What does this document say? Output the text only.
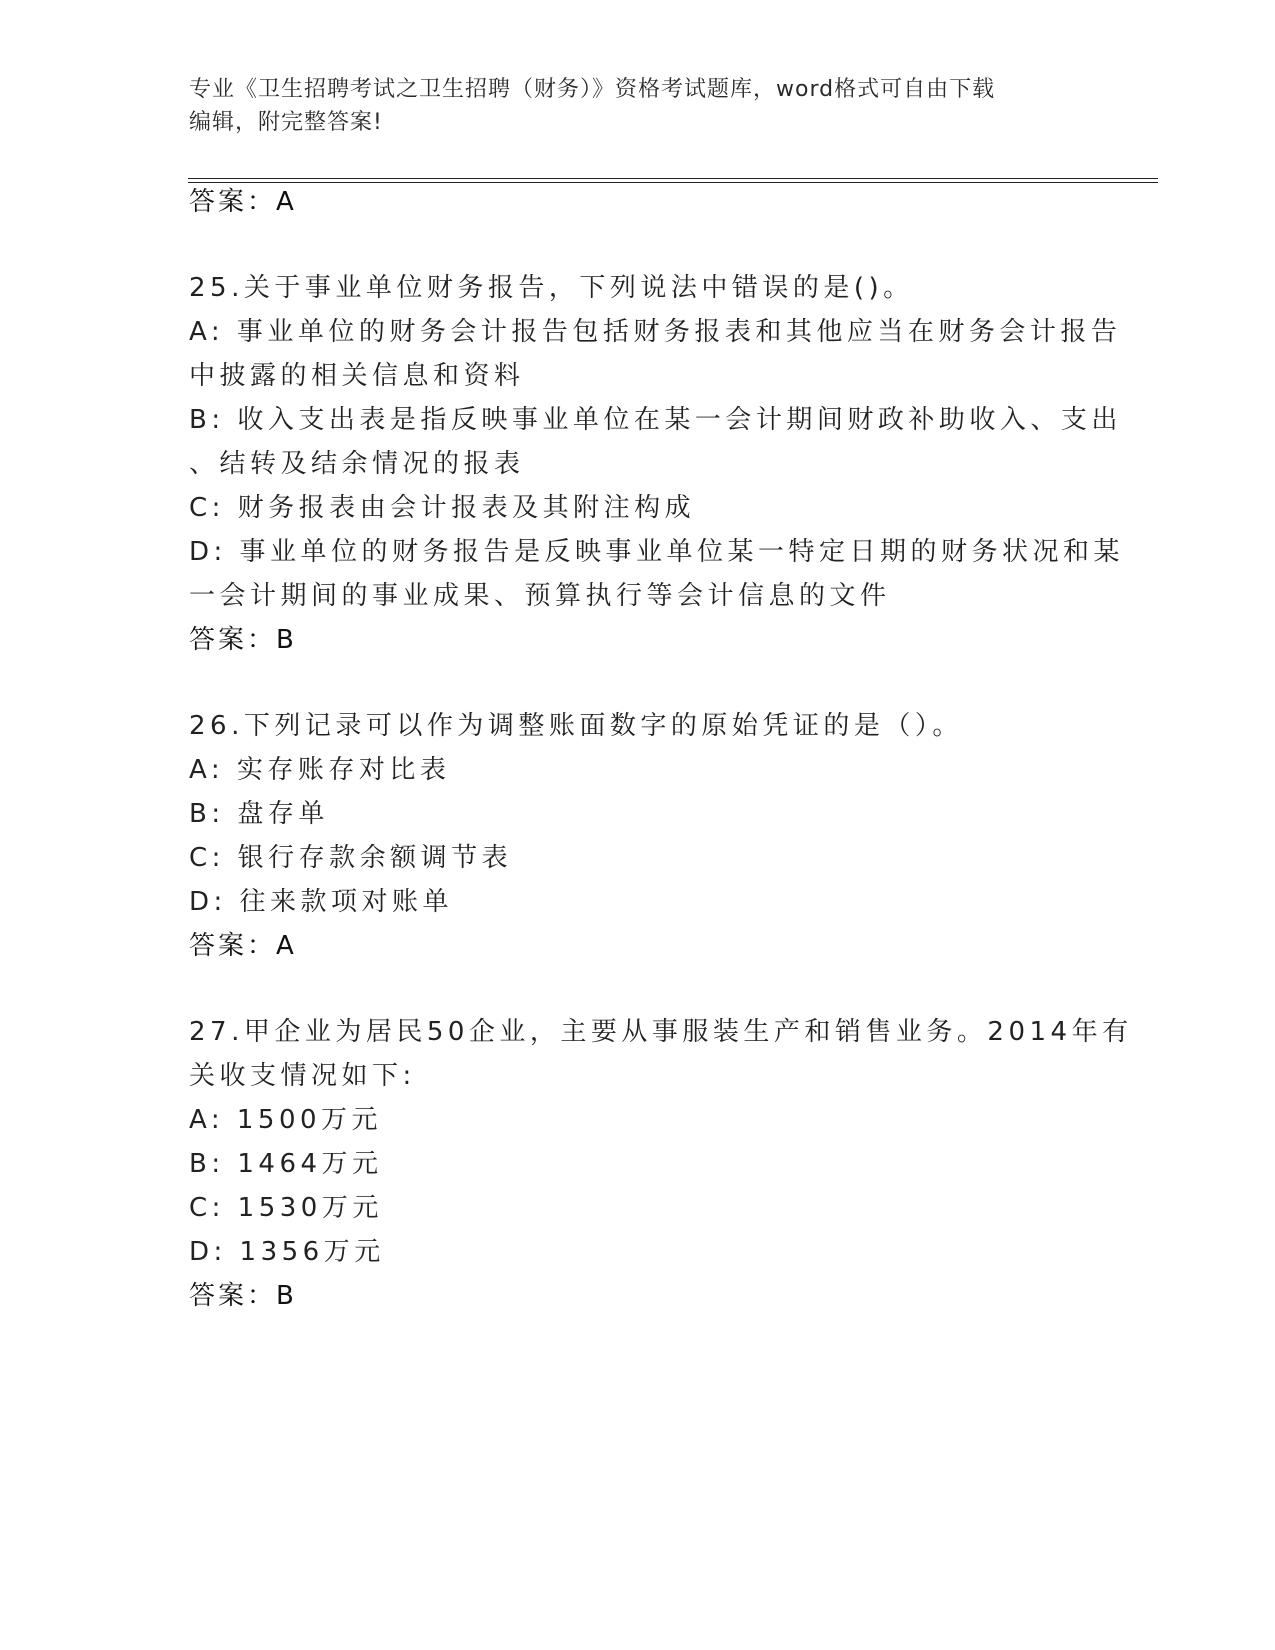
专业《卫生招聘考试之卫生招聘（财务）》资格考试题库，word格式可自由下载
编辑，附完整答案!
答案：A
25.关于事业单位财务报告，下列说法中错误的是()。
A: 事业单位的财务会计报告包括财务报表和其他应当在财务会计报告
中披露的相关信息和资料
B: 收入支出表是指反映事业单位在某一会计期间财政补助收入、支出
、结转及结余情况的报表
C: 财务报表由会计报表及其附注构成
D: 事业单位的财务报告是反映事业单位某一特定日期的财务状况和某
一会计期间的事业成果、预算执行等会计信息的文件
答案：B
26.下列记录可以作为调整账面数字的原始凭证的是（）。
A: 实存账存对比表
B: 盘存单
C: 银行存款余额调节表
D: 往来款项对账单
答案：A
27.甲企业为居民50企业，主要从事服装生产和销售业务。2014年有
关收支情况如下:
A: 1500万元
B: 1464万元
C: 1530万元
D: 1356万元
答案：B
